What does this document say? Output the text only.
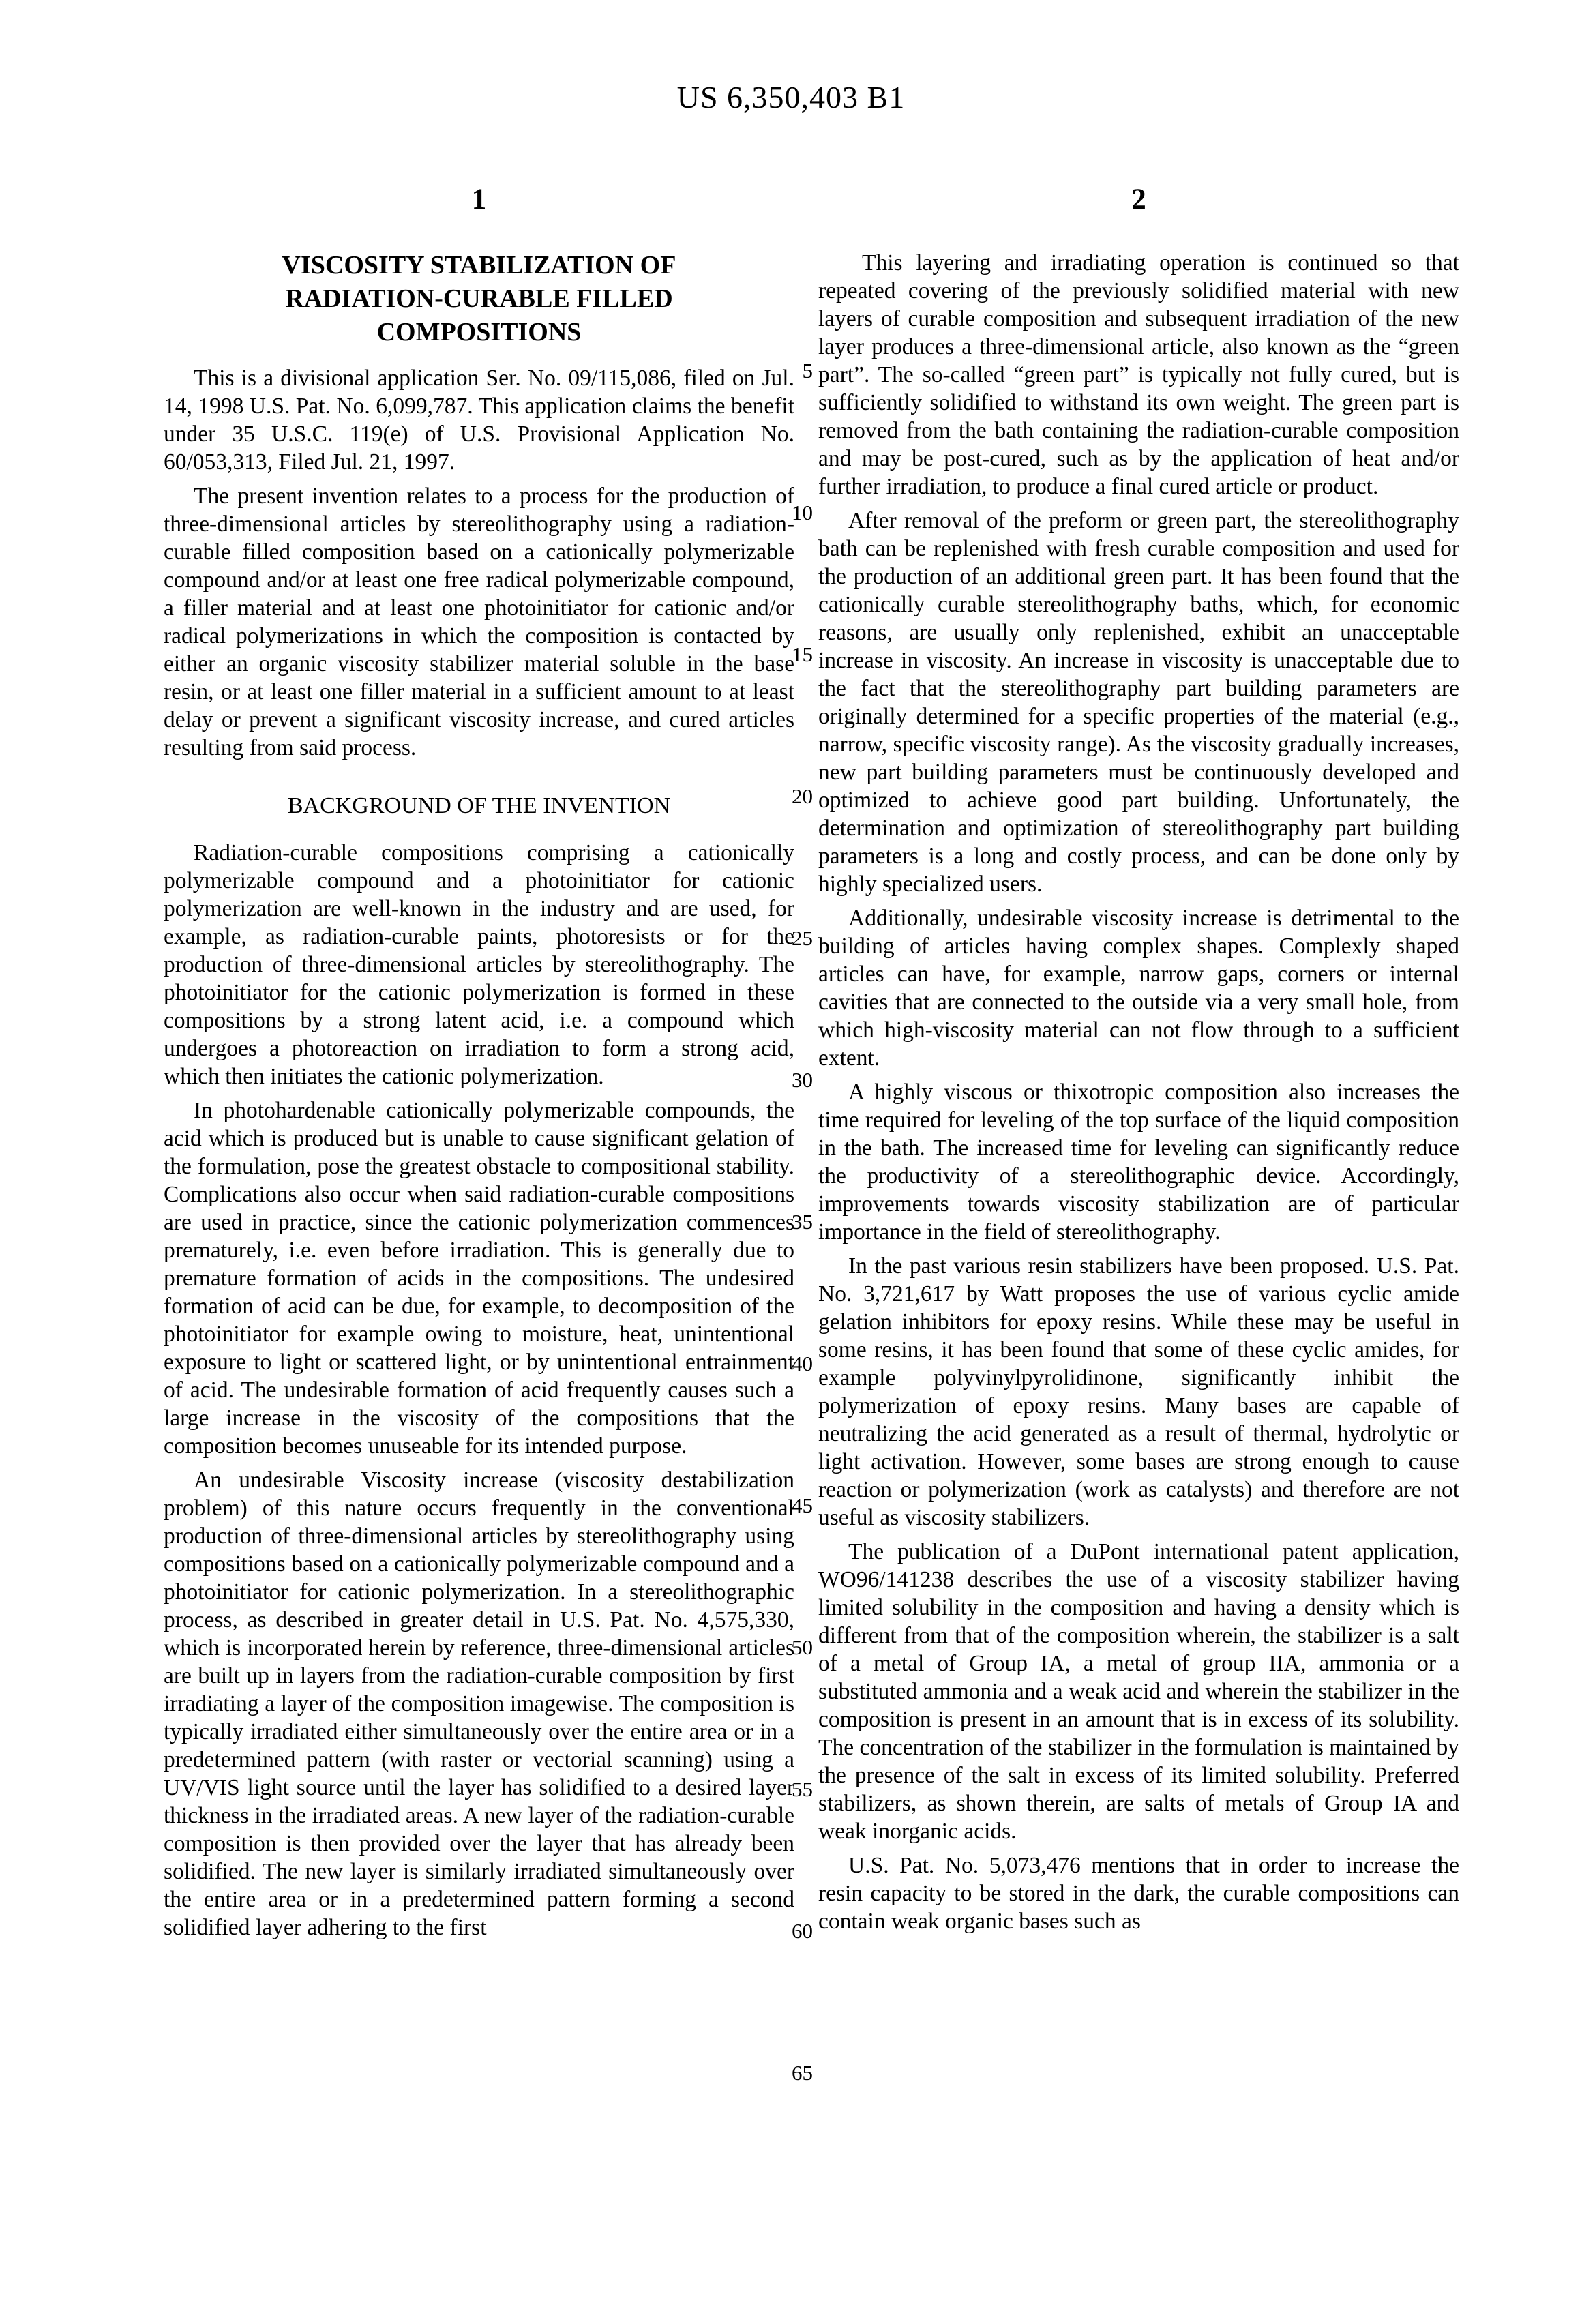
US 6,350,403 B1
1	2
VISCOSITY STABILIZATION OF RADIATION-CURABLE FILLED COMPOSITIONS

This is a divisional application Ser. No. 09/115,086, filed on Jul. 14, 1998 U.S. Pat. No. 6,099,787. This application claims the benefit under 35 U.S.C. 119(e) of U.S. Provisional Application No. 60/053,313, Filed Jul. 21, 1997.

The present invention relates to a process for the production of three-dimensional articles by stereolithography using a radiation-curable filled composition based on a cationically polymerizable compound and/or at least one free radical polymerizable compound, a filler material and at least one photoinitiator for cationic and/or radical polymerizations in which the composition is contacted by either an organic viscosity stabilizer material soluble in the base resin, or at least one filler material in a sufficient amount to at least delay or prevent a significant viscosity increase, and cured articles resulting from said process.

BACKGROUND OF THE INVENTION

Radiation-curable compositions comprising a cationically polymerizable compound and a photoinitiator for cationic polymerization are well-known in the industry and are used, for example, as radiation-curable paints, photoresists or for the production of three-dimensional articles by stereolithography. The photoinitiator for the cationic polymerization is formed in these compositions by a strong latent acid, i.e. a compound which undergoes a photoreaction on irradiation to form a strong acid, which then initiates the cationic polymerization.

In photohardenable cationically polymerizable compounds, the acid which is produced but is unable to cause significant gelation of the formulation, pose the greatest obstacle to compositional stability. Complications also occur when said radiation-curable compositions are used in practice, since the cationic polymerization commences prematurely, i.e. even before irradiation. This is generally due to premature formation of acids in the compositions. The undesired formation of acid can be due, for example, to decomposition of the photoinitiator for example owing to moisture, heat, unintentional exposure to light or scattered light, or by unintentional entrainment of acid. The undesirable formation of acid frequently causes such a large increase in the viscosity of the compositions that the composition becomes unuseable for its intended purpose.

An undesirable Viscosity increase (viscosity destabilization problem) of this nature occurs frequently in the conventional production of three-dimensional articles by stereolithography using compositions based on a cationically polymerizable compound and a photoinitiator for cationic polymerization. In a stereolithographic process, as described in greater detail in U.S. Pat. No. 4,575,330, which is incorporated herein by reference, three-dimensional articles are built up in layers from the radiation-curable composition by first irradiating a layer of the composition imagewise. The composition is typically irradiated either simultaneously over the entire area or in a predetermined pattern (with raster or vectorial scanning) using a UV/VIS light source until the layer has solidified to a desired layer thickness in the irradiated areas. A new layer of the radiation-curable composition is then provided over the layer that has already been solidified. The new layer is similarly irradiated simultaneously over the entire area or in a predetermined pattern forming a second solidified layer adhering to the first

5
10
15
20
25
30
35
40
45
50
55
60
65

This layering and irradiating operation is continued so that repeated covering of the previously solidified material with new layers of curable composition and subsequent irradiation of the new layer produces a three-dimensional article, also known as the “green part”. The so-called “green part” is typically not fully cured, but is sufficiently solidified to withstand its own weight. The green part is removed from the bath containing the radiation-curable composition and may be post-cured, such as by the application of heat and/or further irradiation, to produce a final cured article or product.

After removal of the preform or green part, the stereolithography bath can be replenished with fresh curable composition and used for the production of an additional green part. It has been found that the cationically curable stereolithography baths, which, for economic reasons, are usually only replenished, exhibit an unacceptable increase in viscosity. An increase in viscosity is unacceptable due to the fact that the stereolithography part building parameters are originally determined for a specific properties of the material (e.g., narrow, specific viscosity range). As the viscosity gradually increases, new part building parameters must be continuously developed and optimized to achieve good part building. Unfortunately, the determination and optimization of stereolithography part building parameters is a long and costly process, and can be done only by highly specialized users.

Additionally, undesirable viscosity increase is detrimental to the building of articles having complex shapes. Complexly shaped articles can have, for example, narrow gaps, corners or internal cavities that are connected to the outside via a very small hole, from which high-viscosity material can not flow through to a sufficient extent.

A highly viscous or thixotropic composition also increases the time required for leveling of the top surface of the liquid composition in the bath. The increased time for leveling can significantly reduce the productivity of a stereolithographic device. Accordingly, improvements towards viscosity stabilization are of particular importance in the field of stereolithography.

In the past various resin stabilizers have been proposed. U.S. Pat. No. 3,721,617 by Watt proposes the use of various cyclic amide gelation inhibitors for epoxy resins. While these may be useful in some resins, it has been found that some of these cyclic amides, for example polyvinylpyrolidinone, significantly inhibit the polymerization of epoxy resins. Many bases are capable of neutralizing the acid generated as a result of thermal, hydrolytic or light activation. However, some bases are strong enough to cause reaction or polymerization (work as catalysts) and therefore are not useful as viscosity stabilizers.

The publication of a DuPont international patent application, WO96/141238 describes the use of a viscosity stabilizer having limited solubility in the composition and having a density which is different from that of the composition wherein, the stabilizer is a salt of a metal of Group IA, a metal of group IIA, ammonia or a substituted ammonia and a weak acid and wherein the stabilizer in the composition is present in an amount that is in excess of its solubility. The concentration of the stabilizer in the formulation is maintained by the presence of the salt in excess of its limited solubility. Preferred stabilizers, as shown therein, are salts of metals of Group IA and weak inorganic acids.

U.S. Pat. No. 5,073,476 mentions that in order to increase the resin capacity to be stored in the dark, the curable compositions can contain weak organic bases such as
